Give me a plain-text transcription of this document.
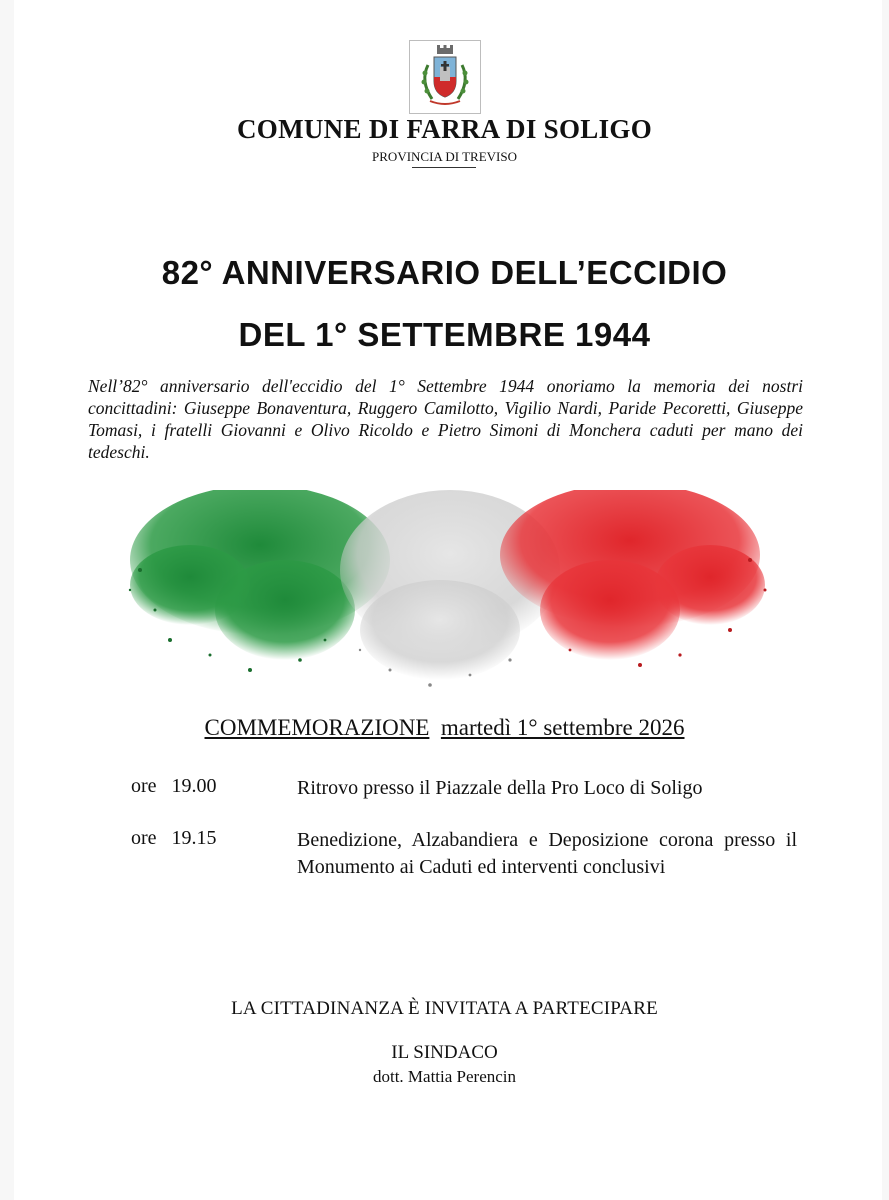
COMUNE DI FARRA DI SOLIGO

PROVINCIA DI TREVISO

82° ANNIVERSARIO DELL’ECCIDIO
DEL 1° SETTEMBRE 1944

Nell’82° anniversario dell'eccidio del 1° Settembre 1944 onoriamo la memoria dei nostri concittadini: Giuseppe Bonaventura, Ruggero Camilotto, Vigilio Nardi, Paride Pecoretti, Giuseppe Tomasi, i fratelli Giovanni e Olivo Ricoldo e Pietro Simoni di Monchera caduti per mano dei tedeschi.

COMMEMORAZIONE martedì 1° settembre 2026

ore   19.00	Ritrovo presso il Piazzale della Pro Loco di Soligo

ore   19.15	Benedizione, Alzabandiera e Deposizione corona presso il Monumento ai Caduti ed interventi conclusivi

LA CITTADINANZA È INVITATA A PARTECIPARE

IL SINDACO

dott. Mattia Perencin
